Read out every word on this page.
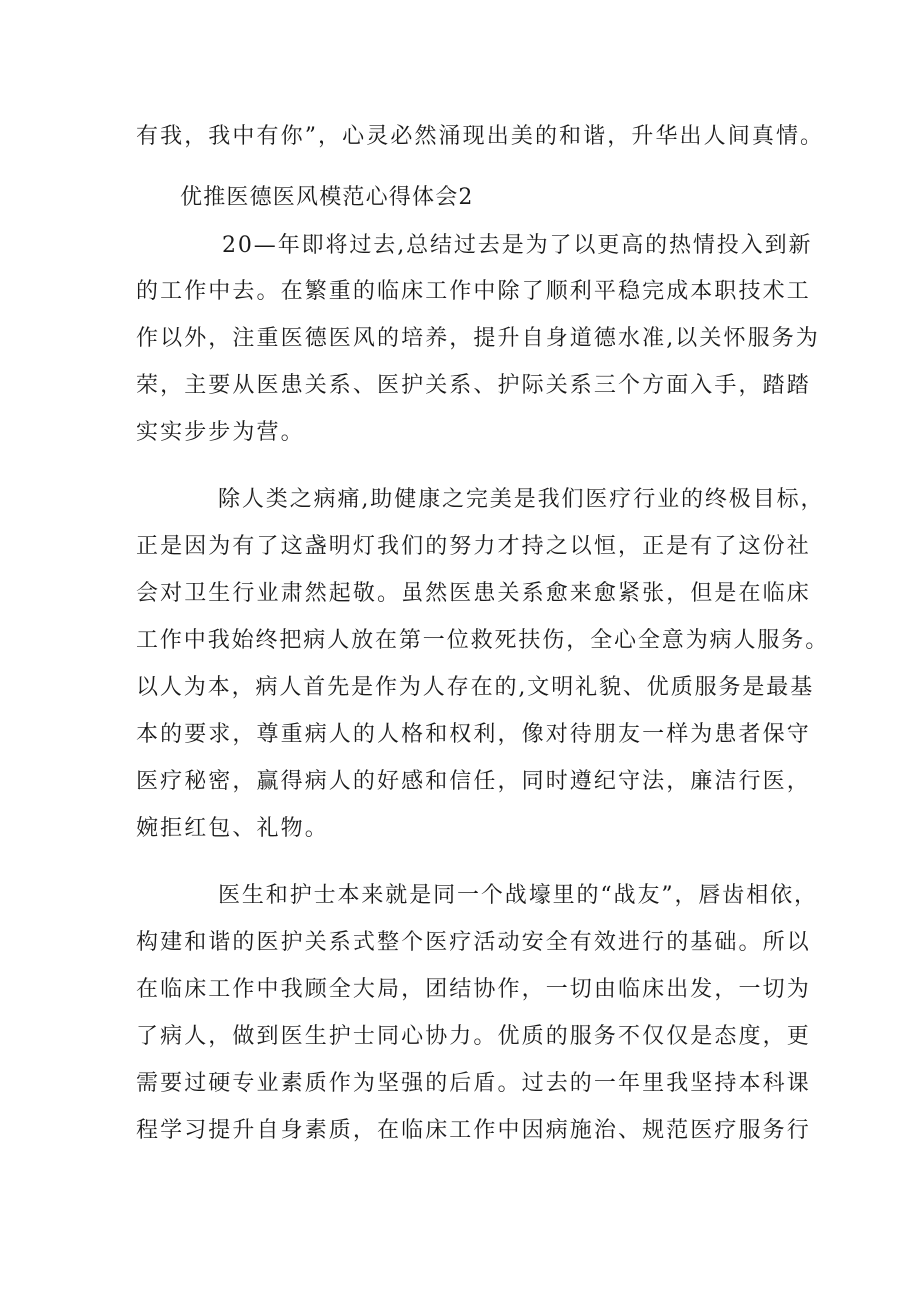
有我，我中有你”，心灵必然涌现出美的和谐，升华出人间真情。
优推医德医风模范心得体会2
20—年即将过去,总结过去是为了以更高的热情投入到新
的工作中去。在繁重的临床工作中除了顺利平稳完成本职技术工
作以外，注重医德医风的培养，提升自身道德水准,以关怀服务为
荣，主要从医患关系、医护关系、护际关系三个方面入手，踏踏
实实步步为营。
除人类之病痛,助健康之完美是我们医疗行业的终极目标，
正是因为有了这盏明灯我们的努力才持之以恒，正是有了这份社
会对卫生行业肃然起敬。虽然医患关系愈来愈紧张，但是在临床
工作中我始终把病人放在第一位救死扶伤，全心全意为病人服务。
以人为本，病人首先是作为人存在的,文明礼貌、优质服务是最基
本的要求，尊重病人的人格和权利，像对待朋友一样为患者保守
医疗秘密，赢得病人的好感和信任，同时遵纪守法，廉洁行医，
婉拒红包、礼物。
医生和护士本来就是同一个战壕里的“战友”，唇齿相依，
构建和谐的医护关系式整个医疗活动安全有效进行的基础。所以
在临床工作中我顾全大局，团结协作，一切由临床出发，一切为
了病人，做到医生护士同心协力。优质的服务不仅仅是态度，更
需要过硬专业素质作为坚强的后盾。过去的一年里我坚持本科课
程学习提升自身素质，在临床工作中因病施治、规范医疗服务行
